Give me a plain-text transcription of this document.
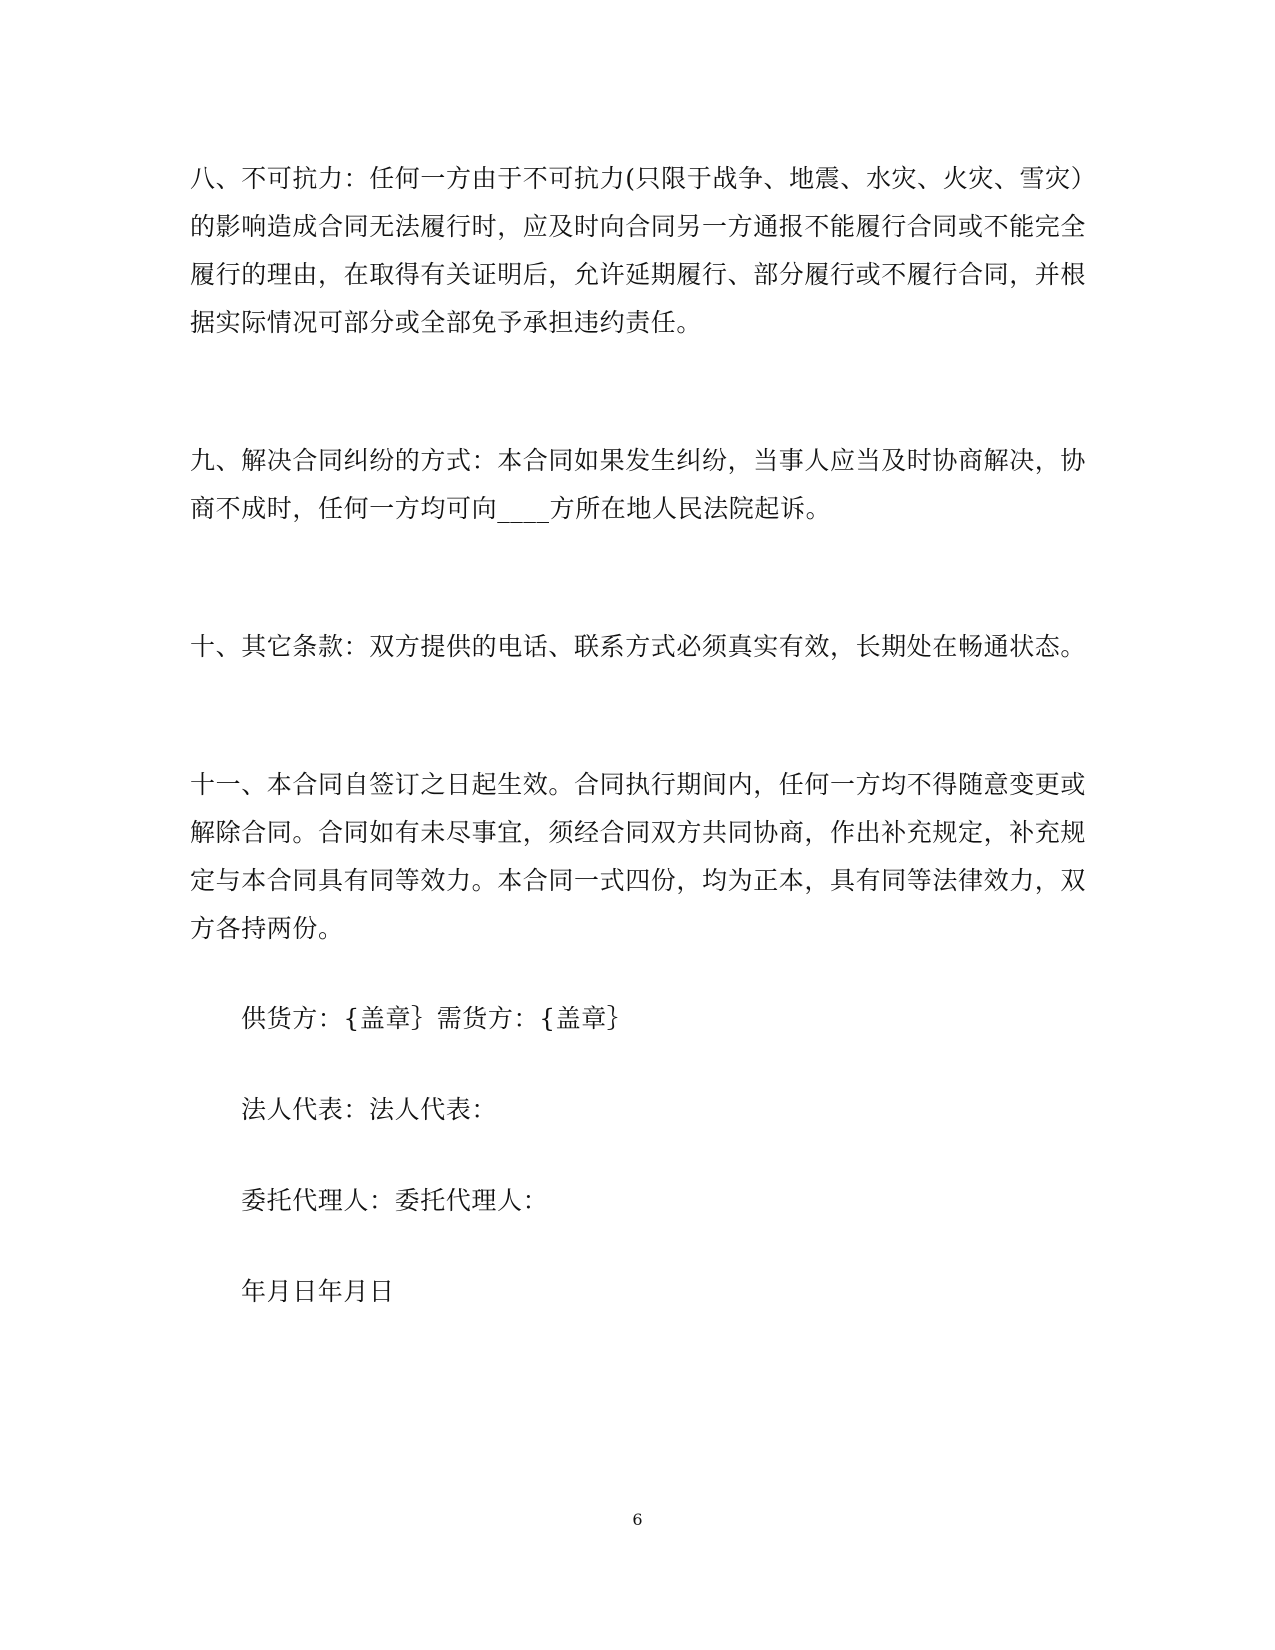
八、不可抗力：任何一方由于不可抗力(只限于战争、地震、水灾、火灾、雪灾）
的影响造成合同无法履行时，应及时向合同另一方通报不能履行合同或不能完全
履行的理由，在取得有关证明后，允许延期履行、部分履行或不履行合同，并根
据实际情况可部分或全部免予承担违约责任。
九、解决合同纠纷的方式：本合同如果发生纠纷，当事人应当及时协商解决，协
商不成时，任何一方均可向____方所在地人民法院起诉。
十、其它条款：双方提供的电话、联系方式必须真实有效，长期处在畅通状态。
十一、本合同自签订之日起生效。合同执行期间内，任何一方均不得随意变更或
解除合同。合同如有未尽事宜，须经合同双方共同协商，作出补充规定，补充规
定与本合同具有同等效力。本合同一式四份，均为正本，具有同等法律效力，双
方各持两份。
供货方：{盖章｝需货方：{盖章｝
法人代表：法人代表：
委托代理人：委托代理人：
年月日年月日
6
